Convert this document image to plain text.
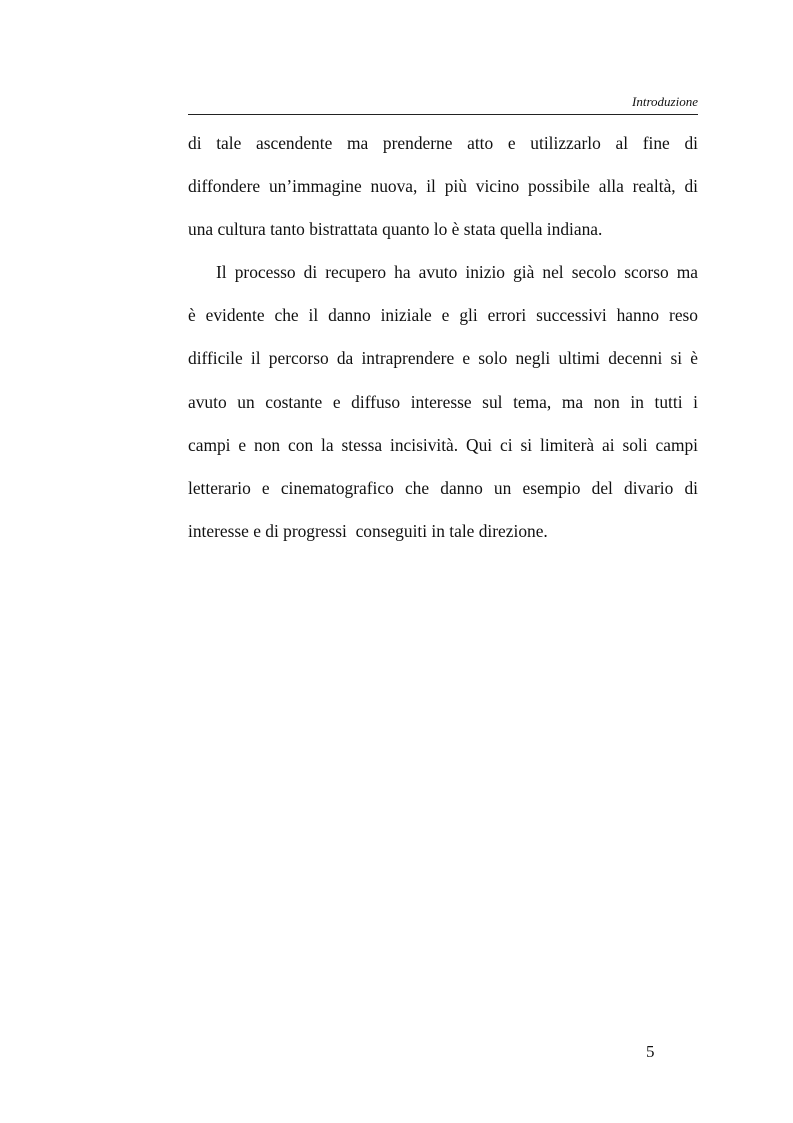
Introduzione
di tale ascendente ma prenderne atto e utilizzarlo al fine di
diffondere un’immagine nuova, il più vicino possibile alla realtà, di
una cultura tanto bistrattata quanto lo è stata quella indiana.
Il processo di recupero ha avuto inizio già nel secolo scorso ma
è evidente che il danno iniziale e gli errori successivi hanno reso
difficile il percorso da intraprendere e solo negli ultimi decenni si è
avuto un costante e diffuso interesse sul tema, ma non in tutti i
campi e non con la stessa incisività. Qui ci si limiterà ai soli campi
letterario e cinematografico che danno un esempio del divario di
interesse e di progressi  conseguiti in tale direzione.
5
